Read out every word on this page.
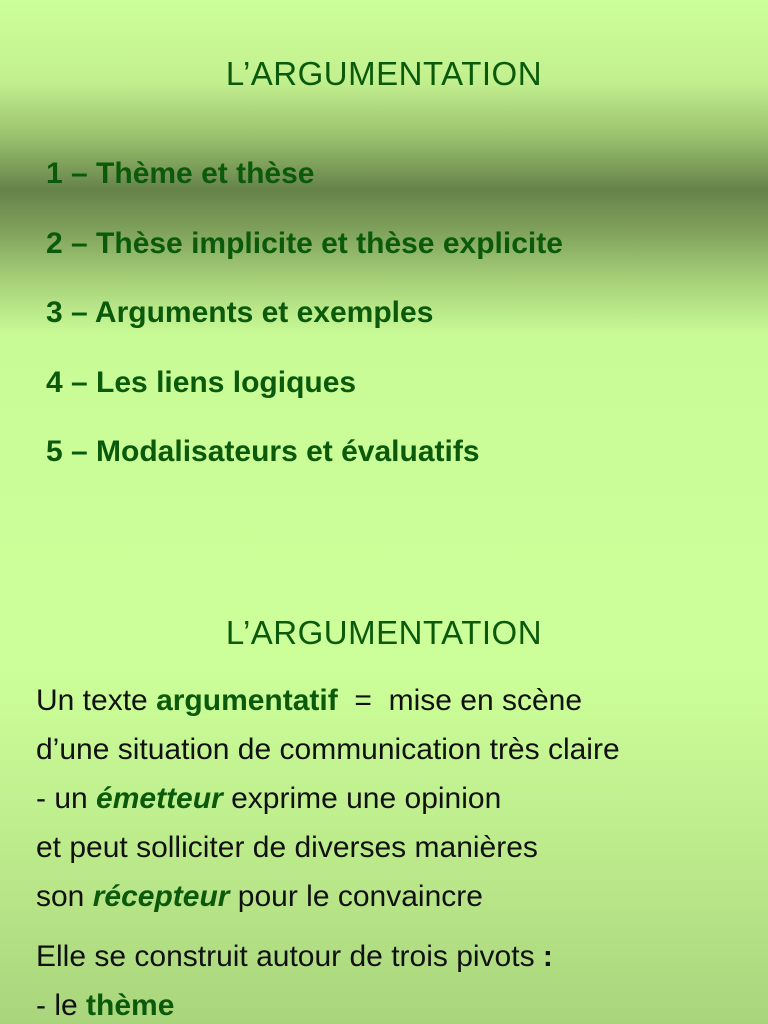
L’ARGUMENTATION
1 – Thème et thèse
2 – Thèse implicite et thèse explicite
3 – Arguments et exemples
4 – Les liens logiques
5 – Modalisateurs et évaluatifs
L’ARGUMENTATION
Un texte argumentatif  =  mise en scène
d’une situation de communication très claire
- un émetteur exprime une opinion
et peut solliciter de diverses manières
son récepteur pour le convaincre
Elle se construit autour de trois pivots :
- le thème
